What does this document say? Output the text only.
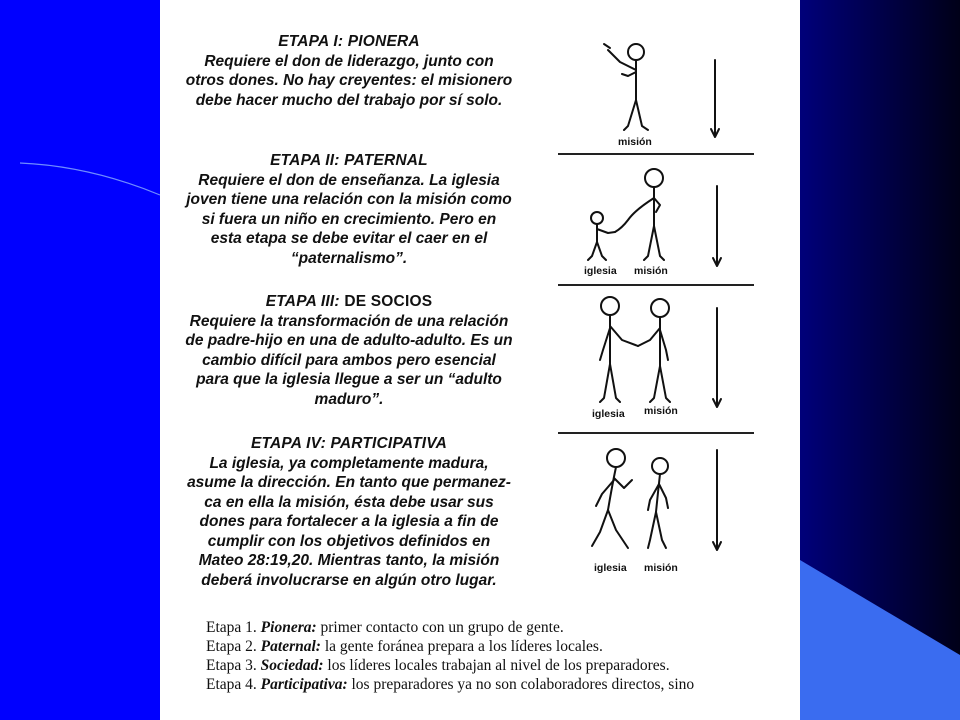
ETAPA I: PIONERA
Requiere el don de liderazgo, junto con
otros dones. No hay creyentes: el misionero
debe hacer mucho del trabajo por sí solo.
ETAPA II: PATERNAL
Requiere el don de enseñanza. La iglesia
joven tiene una relación con la misión como
si fuera un niño en crecimiento. Pero en
esta etapa se debe evitar el caer en el
“paternalismo”.
ETAPA III: DE SOCIOS
Requiere la transformación de una relación
de padre-hijo en una de adulto-adulto. Es un
cambio difícil para ambos pero esencial
para que la iglesia llegue a ser un “adulto
maduro”.
ETAPA IV: PARTICIPATIVA
La iglesia, ya completamente madura,
asume la dirección. En tanto que permanez-
ca en ella la misión, ésta debe usar sus
dones para fortalecer a la iglesia a fin de
cumplir con los objetivos definidos en
Mateo 28:19,20. Mientras tanto, la misión
deberá involucrarse en algún otro lugar.
misión
iglesia misión
iglesia misión
iglesia misión
Etapa 1. Pionera: primer contacto con un grupo de gente.
Etapa 2. Paternal: la gente foránea prepara a los líderes locales.
Etapa 3. Sociedad: los líderes locales trabajan al nivel de los preparadores.
Etapa 4. Participativa: los preparadores ya no son colaboradores directos, sino
